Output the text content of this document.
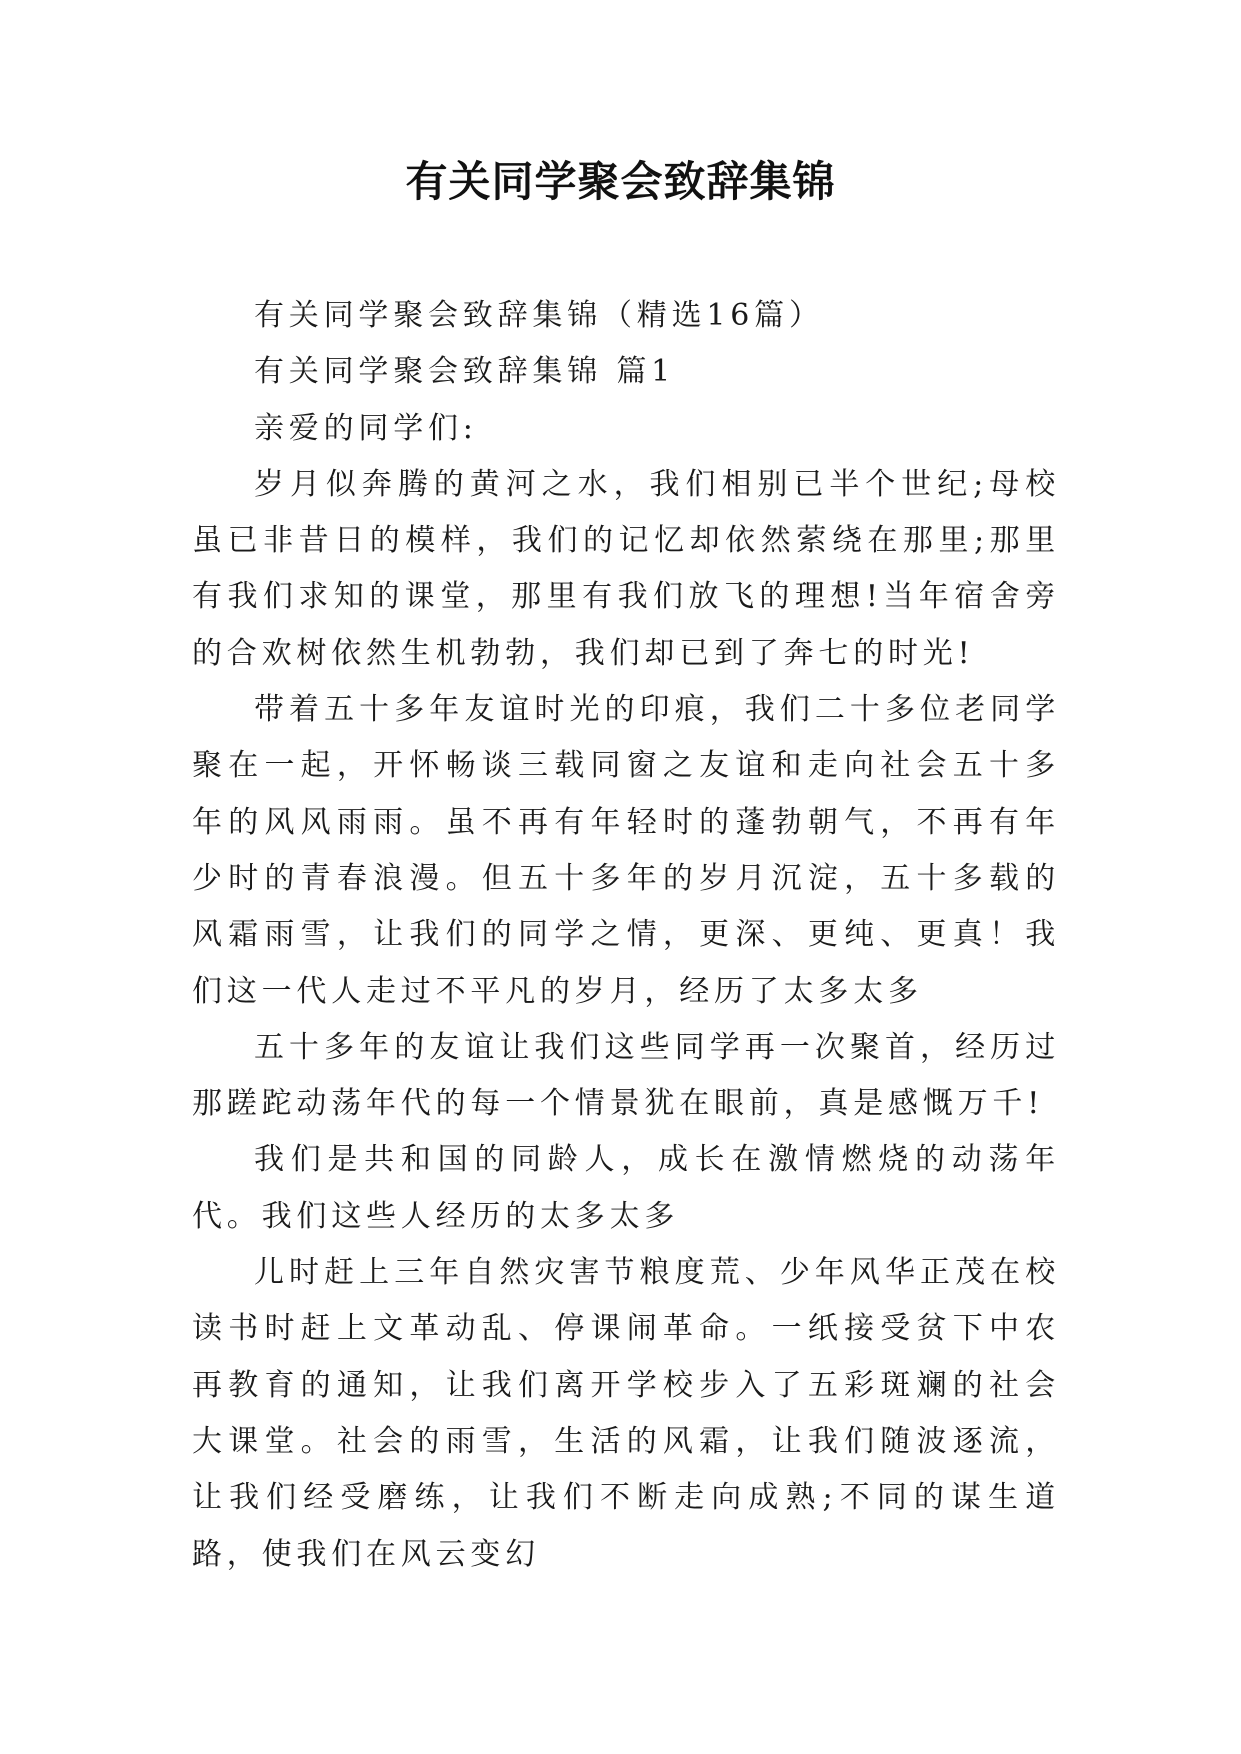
有关同学聚会致辞集锦

有关同学聚会致辞集锦（精选16篇）

有关同学聚会致辞集锦 篇1

亲爱的同学们:

岁月似奔腾的黄河之水，我们相别已半个世纪;母校虽已非昔日的模样，我们的记忆却依然萦绕在那里;那里有我们求知的课堂，那里有我们放飞的理想!当年宿舍旁的合欢树依然生机勃勃，我们却已到了奔七的时光!

带着五十多年友谊时光的印痕，我们二十多位老同学聚在一起，开怀畅谈三载同窗之友谊和走向社会五十多年的风风雨雨。虽不再有年轻时的蓬勃朝气，不再有年少时的青春浪漫。但五十多年的岁月沉淀，五十多载的风霜雨雪，让我们的同学之情，更深、更纯、更真！我们这一代人走过不平凡的岁月，经历了太多太多

五十多年的友谊让我们这些同学再一次聚首，经历过那蹉跎动荡年代的每一个情景犹在眼前，真是感慨万千!

我们是共和国的同龄人，成长在激情燃烧的动荡年代。我们这些人经历的太多太多

儿时赶上三年自然灾害节粮度荒、少年风华正茂在校读书时赶上文革动乱、停课闹革命。一纸接受贫下中农再教育的通知，让我们离开学校步入了五彩斑斓的社会大课堂。社会的雨雪，生活的风霜，让我们随波逐流，让我们经受磨练，让我们不断走向成熟;不同的谋生道路，使我们在风云变幻
